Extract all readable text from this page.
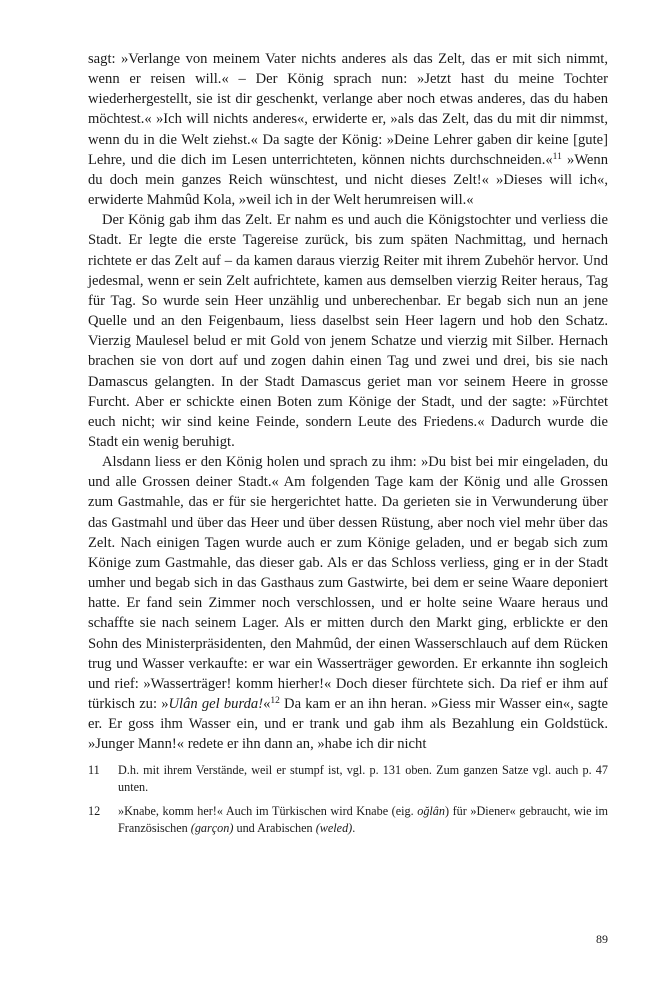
sagt: »Verlange von meinem Vater nichts anderes als das Zelt, das er mit sich nimmt, wenn er reisen will.« – Der König sprach nun: »Jetzt hast du meine Tochter wiederhergestellt, sie ist dir geschenkt, verlange aber noch etwas anderes, das du haben möchtest.« »Ich will nichts anderes«, erwiderte er, »als das Zelt, das du mit dir nimmst, wenn du in die Welt ziehst.« Da sagte der König: »Deine Lehrer gaben dir keine [gute] Lehre, und die dich im Lesen unterrichteten, können nichts durchschneiden.«$^{11}$ »Wenn du doch mein ganzes Reich wünschtest, und nicht dieses Zelt!« »Dieses will ich«, erwiderte Mahmûd Kola, »weil ich in der Welt herumreisen will.«

Der König gab ihm das Zelt. Er nahm es und auch die Königstochter und verliess die Stadt. Er legte die erste Tagereise zurück, bis zum späten Nachmittag, und hernach richtete er das Zelt auf – da kamen daraus vierzig Reiter mit ihrem Zubehör hervor. Und jedesmal, wenn er sein Zelt aufrichtete, kamen aus demselben vierzig Reiter heraus, Tag für Tag. So wurde sein Heer unzählig und unberechenbar. Er begab sich nun an jene Quelle und an den Feigenbaum, liess daselbst sein Heer lagern und hob den Schatz. Vierzig Maulesel belud er mit Gold von jenem Schatze und vierzig mit Silber. Hernach brachen sie von dort auf und zogen dahin einen Tag und zwei und drei, bis sie nach Damascus gelangten. In der Stadt Damascus geriet man vor seinem Heere in grosse Furcht. Aber er schickte einen Boten zum Könige der Stadt, und der sagte: »Fürchtet euch nicht; wir sind keine Feinde, sondern Leute des Friedens.« Dadurch wurde die Stadt ein wenig beruhigt.

Alsdann liess er den König holen und sprach zu ihm: »Du bist bei mir eingeladen, du und alle Grossen deiner Stadt.« Am folgenden Tage kam der König und alle Grossen zum Gastmahle, das er für sie hergerichtet hatte. Da gerieten sie in Verwunderung über das Gastmahl und über das Heer und über dessen Rüstung, aber noch viel mehr über das Zelt. Nach einigen Tagen wurde auch er zum Könige geladen, und er begab sich zum Könige zum Gastmahle, das dieser gab. Als er das Schloss verliess, ging er in der Stadt umher und begab sich in das Gasthaus zum Gastwirte, bei dem er seine Waare deponiert hatte. Er fand sein Zimmer noch verschlossen, und er holte seine Waare heraus und schaffte sie nach seinem Lager. Als er mitten durch den Markt ging, erblickte er den Sohn des Ministerpräsidenten, den Mahmûd, der einen Wasserschlauch auf dem Rücken trug und Wasser verkaufte: er war ein Wasserträger geworden. Er erkannte ihn sogleich und rief: »Wasserträger! komm hierher!« Doch dieser fürchtete sich. Da rief er ihm auf türkisch zu: »Ulân gel burda!«$^{12}$ Da kam er an ihn heran. »Giess mir Wasser ein«, sagte er. Er goss ihm Wasser ein, und er trank und gab ihm als Bezahlung ein Goldstück. »Junger Mann!« redete er ihn dann an, »habe ich dir nicht

11	D.h. mit ihrem Verstände, weil er stumpf ist, vgl. p. 131 oben. Zum ganzen Satze vgl. auch p. 47 unten.
12	»Knabe, komm her!« Auch im Türkischen wird Knabe (eig. oğlân) für »Diener« gebraucht, wie im Französischen (garçon) und Arabischen (weled).
89
